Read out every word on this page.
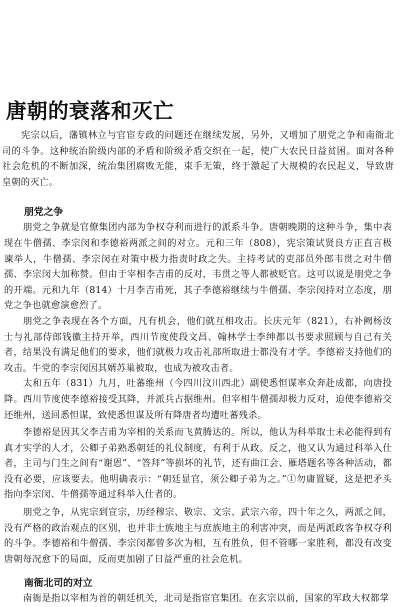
唐朝的衰落和灭亡

宪宗以后，藩镇林立与官宦专政的问题还在继续发展，另外，又增加了朋党之争和南衙北司的斗争。这种统治阶级内部的矛盾和阶级矛盾交织在一起，使广大农民日益贫困。面对各种社会危机的不断加深，统治集团腐败无能，束手无策，终于激起了大规模的农民起义，导致唐皇朝的灭亡。

朋党之争

朋党之争就是官僚集团内部为争权夺利而进行的派系斗争。唐朝晚期的这种斗争，集中表现在牛僧孺、李宗闵和李德裕两派之间的对立。元和三年（808），宪宗策试贤良方正直言极谏举人，牛僧孺、李宗闵在对策中极力指责时政之失。主持考试的吏部员外郎韦贯之对牛僧孺、李宗闵大加称赞。但由于宰相李吉甫的反对，韦贯之等人都被贬官。这可以说是朋党之争的开端。元和九年（814）十月李吉甫死，其子李德裕继续与牛僧孺、李宗闵持对立态度，朋党之争也就愈演愈烈了。

朋党之争表现在各个方面，凡有机会，他们就互相攻击。长庆元年（821），右补阙杨汝士与礼部侍郎钱徽主持开举，西川节度使段文昌、翰林学士李绅都以书要求照顾与自己有关者，结果没有满足他们的要求，他们就极力攻击礼部所取进士都没有才学。李德裕支持他们的攻击。牛党的李宗闵因其婿苏巢被取，也成为被攻击者。

太和五年（831）九月，吐蕃维州（今四川汶川西北）副使悉怛谋率众奔赴成都，向唐投降。西川节度使李德裕接受其降，并派兵占据维州。但宰相牛僧孺却极力反对，迫使李德裕交还维州，送回悉怛谋，致使悉怛谋及所有降唐者均遭吐蕃残杀。

李德裕是因其父李吉甫为宰相的关系而飞黄腾达的。所以，他认为科举取士未必能得到有真才实学的人才，公卿子弟熟悉朝廷的礼仪制度，有利于从政。反之，他又认为通过科举入仕者，主司与门生之间有“谢恩”、“答拜”等损坏的礼节，还有曲江会、雁塔题名等各种活动，都没有必要，应该要去。他明确表示：“朝廷显官，须公卿子弟为之。”①勿庸置疑，这是把矛头指向李宗闵、牛僧孺等通过科举入仕者的。

朋党之争，从宪宗到宣宗，历经穆宗、敬宗、文宗、武宗六帝，四十年之久，两派之间，没有严格的政治观点的区别，也并非士族地主与庶族地主的利害冲突，而是两派政客争权夺利的斗争。李德裕和牛僧孺、李宗闵都曾多次为相，互有胜负，但不管哪一家胜利，都没有改变唐朝每况愈下的局面，反而更加剧了日益严重的社会危机。

南衙北司的对立

南衙是指以宰相为首的朝廷机关，北司是指宦官集团。在玄宗以前，国家的军政大权都掌
